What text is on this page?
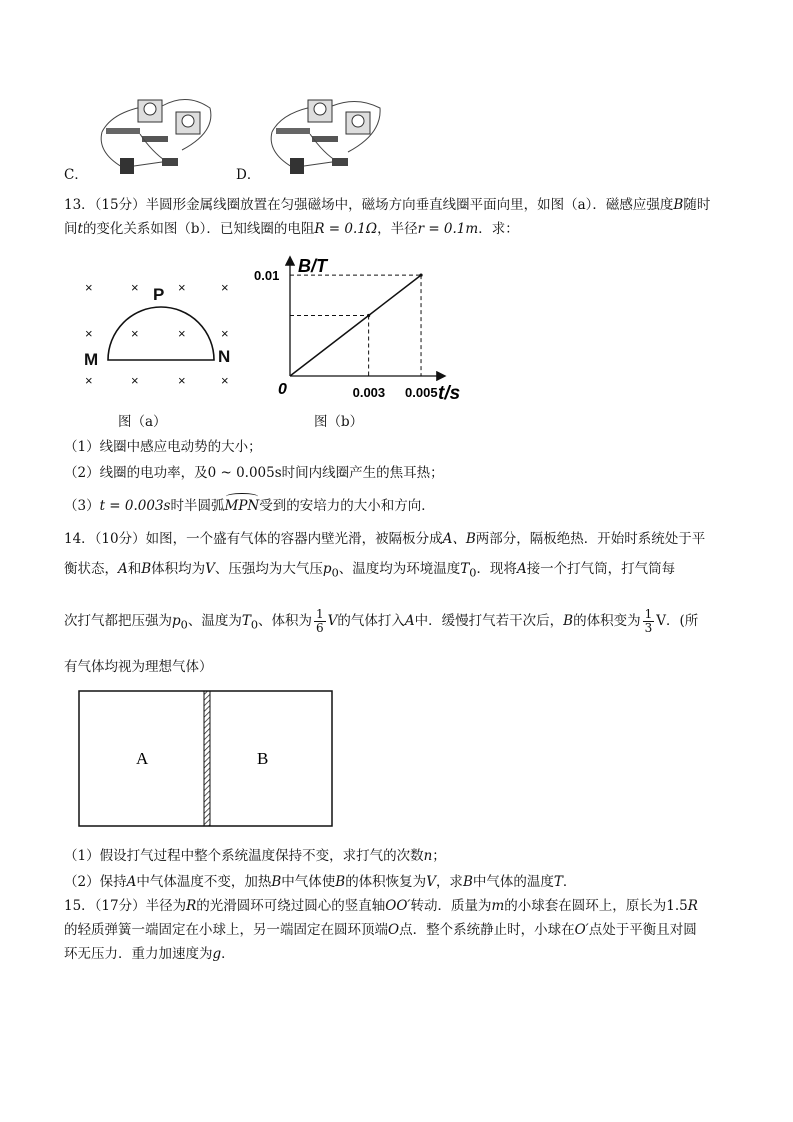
C．	D．
13．（15分）半圆形金属线圈放置在匀强磁场中，磁场方向垂直线圈平面向里，如图（a）．磁感应强度B随时
间t的变化关系如图（b）．已知线圈的电阻R = 0.1Ω，半径r = 0.1m．求：
×	×	×	×
×	×	×	×
×	×	×	×
P
M	N
图（a）
0.003 0.005
0.01 B/T
t/s
0
图（b）
（1）线圈中感应电动势的大小；
（2）线圈的电功率，及0 ~ 0.005s时间内线圈产生的焦耳热；
（3）t = 0.003s时半圆弧MPN受到的安培力的大小和方向．
14．（10分）如图，一个盛有气体的容器内壁光滑，被隔板分成A、B两部分，隔板绝热．开始时系统处于平
衡状态，A和B体积均为V、压强均为大气压$p_0$、温度均为环境温度$T_0$．现将A接一个打气筒，打气筒每
次打气都把压强为$p_0$、温度为$T_0$、体积为 $\frac{1}{6}$ V的气体打入A中．缓慢打气若干次后，B的体积变为 $\frac{1}{3}$ V．(所
有气体均视为理想气体）
A	B
（1）假设打气过程中整个系统温度保持不变，求打气的次数n；
（2）保持A中气体温度不变，加热B中气体使B的体积恢复为V，求B中气体的温度T．
15．（17分）半径为R的光滑圆环可绕过圆心的竖直轴OO′转动．质量为m的小球套在圆环上，原长为1.5R
的轻质弹簧一端固定在小球上，另一端固定在圆环顶端O点．整个系统静止时，小球在O′点处于平衡且对圆
环无压力．重力加速度为g．
